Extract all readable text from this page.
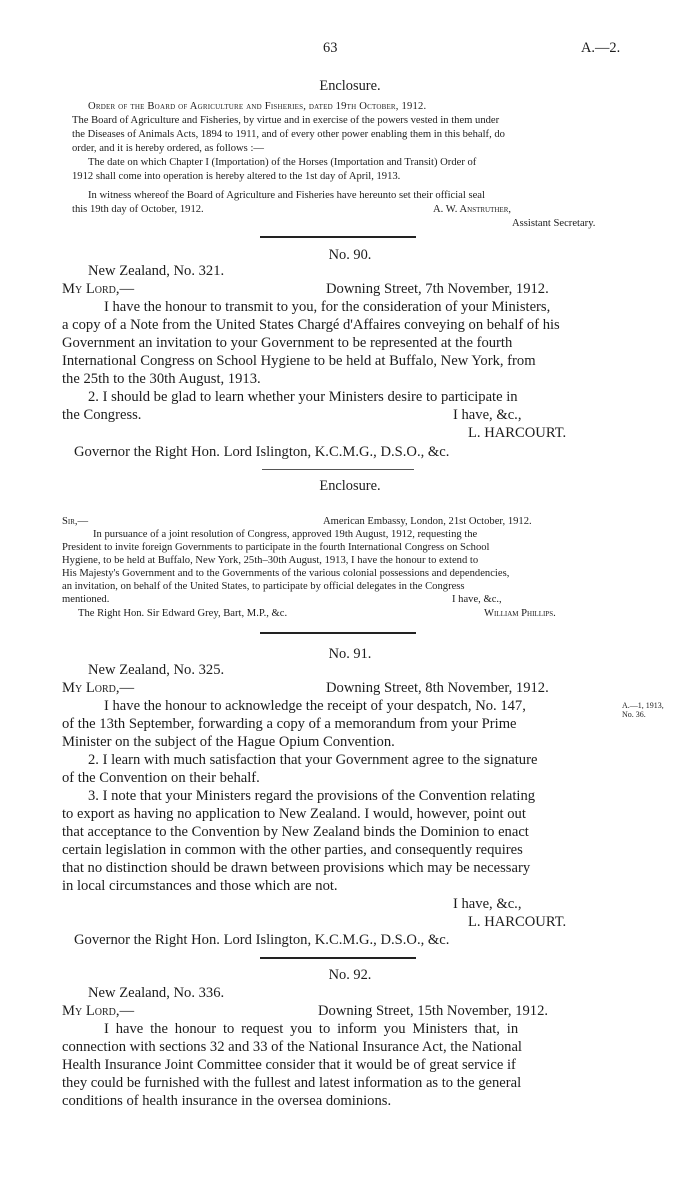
63	A.—2.
Enclosure.
Order of the Board of Agriculture and Fisheries, dated 19th October, 1912.
The Board of Agriculture and Fisheries, by virtue and in exercise of the powers vested in them under
the Diseases of Animals Acts, 1894 to 1911, and of every other power enabling them in this behalf, do
order, and it is hereby ordered, as follows :—
The date on which Chapter I (Importation) of the Horses (Importation and Transit) Order of
1912 shall come into operation is hereby altered to the 1st day of April, 1913.
In witness whereof the Board of Agriculture and Fisheries have hereunto set their official seal
this 19th day of October, 1912.	A. W. Anstruther,
Assistant Secretary.
No. 90.
New Zealand, No. 321.
My Lord,—	Downing Street, 7th November, 1912.
I have the honour to transmit to you, for the consideration of your Ministers,
a copy of a Note from the United States Chargé d'Affaires conveying on behalf of his
Government an invitation to your Government to be represented at the fourth
International Congress on School Hygiene to be held at Buffalo, New York, from
the 25th to the 30th August, 1913.
2. I should be glad to learn whether your Ministers desire to participate in
the Congress.	I have, &c.,
L. HARCOURT.
Governor the Right Hon. Lord Islington, K.C.M.G., D.S.O., &c.
Enclosure.
Sir,—	American Embassy, London, 21st October, 1912.
In pursuance of a joint resolution of Congress, approved 19th August, 1912, requesting the
President to invite foreign Governments to participate in the fourth International Congress on School
Hygiene, to be held at Buffalo, New York, 25th–30th August, 1913, I have the honour to extend to
His Majesty's Government and to the Governments of the various colonial possessions and dependencies,
an invitation, on behalf of the United States, to participate by official delegates in the Congress
mentioned.	I have, &c.,
The Right Hon. Sir Edward Grey, Bart, M.P., &c.	William Phillips.
No. 91.
New Zealand, No. 325.
My Lord,—	Downing Street, 8th November, 1912.
I have the honour to acknowledge the receipt of your despatch, No. 147,	A.—1, 1913,
No. 36.
of the 13th September, forwarding a copy of a memorandum from your Prime
Minister on the subject of the Hague Opium Convention.
2. I learn with much satisfaction that your Government agree to the signature
of the Convention on their behalf.
3. I note that your Ministers regard the provisions of the Convention relating
to export as having no application to New Zealand. I would, however, point out
that acceptance to the Convention by New Zealand binds the Dominion to enact
certain legislation in common with the other parties, and consequently requires
that no distinction should be drawn between provisions which may be necessary
in local circumstances and those which are not.
I have, &c.,
L. HARCOURT.
Governor the Right Hon. Lord Islington, K.C.M.G., D.S.O., &c.
No. 92.
New Zealand, No. 336.
My Lord,—	Downing Street, 15th November, 1912.
I have the honour to request you to inform you Ministers that, in
connection with sections 32 and 33 of the National Insurance Act, the National
Health Insurance Joint Committee consider that it would be of great service if
they could be furnished with the fullest and latest information as to the general
conditions of health insurance in the oversea dominions.
